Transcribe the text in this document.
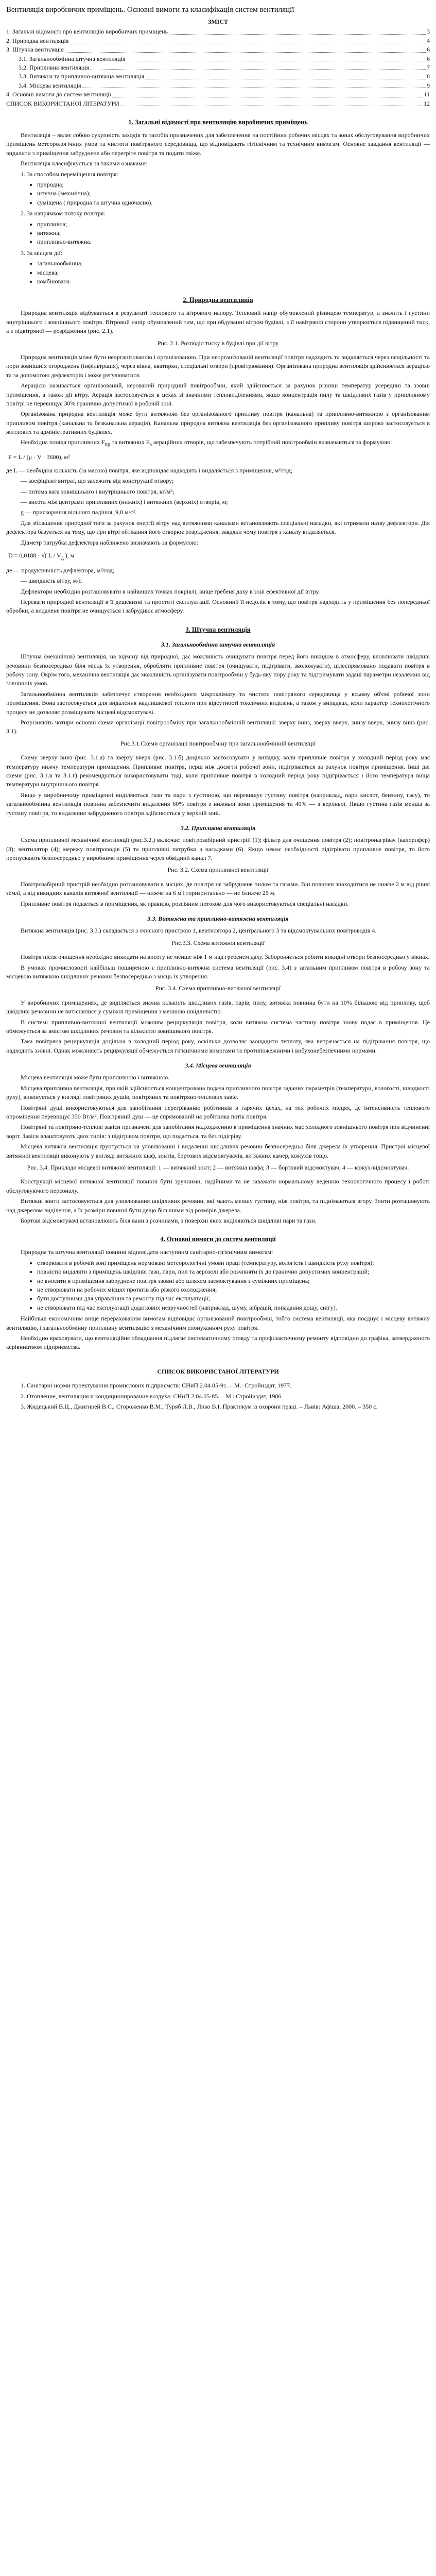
Вентиляція виробничих приміщень. Основні вимоги та класифікація систем вентиляції
ЗМІСТ
1. Загальні відомості про вентиляцію виробничих приміщень	3
2. Природна вентиляція	4
3. Штучна вентиляція	6
3.1. Загальнообмінна штучна вентиляція	6
3.2. Припливна вентиляція	7
3.3. Витяжна та припливно-витяжна вентиляція	8
3.4. Місцева вентиляція	9
4. Основні вимоги до систем вентиляції	11
СПИСОК ВИКОРИСТАНОЇ ЛІТЕРАТУРИ	12
1. Загальні відомості про вентиляцію виробничих приміщень

Вентиляція – являє собою сукупність заходів та засобів призначених для забезпечення на постійних робочих місцях та зонах обслуговування виробничих приміщень метеорологічних умов та чистоти повітряного середовища, що відповідають гігієнічним та технічним вимогам. Основне завдання вентиляції — видалити з приміщення забруднене або перегріте повітря та подати свіже.

Вентиляція класифікується за такими ознаками:

1. За способом переміщення повітря:

• природна;
• штучна (механічна);
• суміщена ( природна та штучна одночасно).

2. За напрямком потоку повітря:

• припливна;
• витяжна;
• припливно-витяжна.

3. За місцем дії:

• загальнообмінна;
• місцева;
• комбінована.
2. Природна вентиляція

Природна вентиляція відбувається в результаті теплового та вітрового напору. Тепловий напір обумовлений різницею температур, а значить і густини внутрішнього і зовнішнього повітря. Вітровий напір обумовлений тим, що при обдуванні вітром будівлі, з її навітряної сторони утворюється підвищений тиск, а з підвітряної — розрідження (рис. 2.1).

Рис. 2.1. Розподіл тиску в будівлі при дії вітру

Природна вентиляція може бути неорганізованою і організованою. При неорганізованій вентиляції повітря надходить та видаляється через нещільності та пори зовнішніх огороджень (інфільтрація), через вікна, кватирки, спеціальні отвори (провітрювання). Організована природна вентиляція здійснюється аерацією та за допомогою дефлекторів і може регулюватися.

Аерацією називається організований, керований природний повітрообмін, який здійснюється за рахунок різниці температур усередині та ззовні приміщення, а також дії вітру. Аерація застосовується в цехах зі значними тепловиділеннями, якщо концентрація пилу та шкідливих газів у припливному повітрі не перевищує 30% гранично допустимої в робочій зоні.

Організована природна вентиляція може бути витяжною без організованого припливу повітря (канальна) та припливно-витяжною з організованим припливом повітря (канальна та безканальна аерація). Канальна природна витяжна вентиляція без організованого припливу повітря широко застосовується в житлових та адміністративних будівлях.

Необхідна площа припливних $F_{пр}$ та витяжних $F_в$ аераційних отворів, що забезпечують потрібний повітрообмін визначаються за формулою:

F = L / (μ · V · 3600), м²

де L — необхідна кількість (за масою) повітря, яке відповідає надходить і видаляється з приміщення, м³/год;

— коефіцієнт витрат, що залежить від конструкції отвору;

— питома вага зовнішнього і внутрішнього повітря, кг/м³;

— висота між центрами припливних (нижніх) і витяжних (верхніх) отворів, м;

g — прискорення вільного падіння, 9,8 м/с².

Для збільшення природної тяги за рахунок енергії вітру над витяжними каналами встановлюють спеціальні насадки, які отримали назву дефлектори. Дія дефлектора базується на тому, що при вітрі обтікання його створює розрідження, завдяки чому повітря з каналу видаляється.

Діаметр патрубка дефлектора наближено визначають за формулою:

D = 0,0188 · √( L / $V_д$ ), м

де — продуктивність дефлектора, м³/год;

— швидкість вітру, м/с.

Дефлектори необхідно розташовувати в найвищих точках покрівлі, вище гребеня даху в зоні ефективної дії вітру.

Переваги природної вентиляції в її дешевизні та простоті експлуатації. Основний її недолік в тому, що повітря надходить у приміщення без попередньої обробки, а видалене повітря не очищується і забруднює атмосферу.

3. Штучна вентиляція
3.1. Загальнообмінна штучна вентиляція

Штучна (механічна) вентиляція, на відміну від природної, дає можливість очищувати повітря перед його викидом в атмосферу, вловлювати шкідливі речовини безпосередньо біля місць їх утворення, обробляти припливне повітря (очищувати, підігрівати, зволожувати), цілеспрямовано подавати повітря в робочу зону. Окрім того, механічна вентиляція дає можливість організувати повітрообмін у будь-яку пору року та підтримувати задані параметри незалежно від зовнішніх умов.

Загальнообмінна вентиляція забезпечує створення необхідного мікроклімату та чистоти повітряного середовища у всьому об'ємі робочої зони приміщення. Вона застосовується для видалення надлишкової теплоти при відсутності токсичних виділень, а також у випадках, коли характер технологічного процесу не дозволяє розміщувати місцеві відсмоктувачі.

Розрізняють чотири основні схеми організації повітрообміну при загальнообмінній вентиляції: зверху вниз, зверху вверх, знизу вверх, знизу вниз (рис. 3.1).

Рис.3.1.Схеми організації повітрообміну при загальнообмінній вентиляції

Схему зверху вниз (рис. 3.1.а) та зверху вверх (рис. 3.1.б) доцільно застосовувати у випадку, коли припливне повітря у холодний період року має температуру нижчу температури приміщення. Припливне повітря, перш ніж досягти робочої зони, підігрівається за рахунок повітря приміщення. Інші дві схеми (рис. 3.1.в та 3.1.г) рекомендується використовувати тоді, коли припливне повітря в холодний період року підігрівається і його температура вища температури внутрішнього повітря.

Якщо у виробничому приміщенні виділяються гази та пари з густиною, що перевищує густину повітря (наприклад, пари кислот, бензину, гасу), то загальнообмінна вентиляція повинна забезпечити видалення 60% повітря з нижньої зони приміщення та 40% — з верхньої. Якщо густина газів менша за густину повітря, то видалення забрудненого повітря здійснюється у верхній зоні.

3.2. Припливна вентиляція

Схема припливної механічної вентиляції (рис.3.2.) включає: повітрозабірний пристрій (1); фільтр для очищення повітря (2); повітронагрівач (калорифер) (3); вентилятор (4); мережу повітроводів (5) та припливні патрубки з насадками (6). Якщо немає необхідності підігрівати припливне повітря, то його пропускають безпосередньо у виробниче приміщення через обвідний канал 7.

Рис. 3.2. Схема припливної вентиляції

Повітрозабірний пристрій необхідно розташовувати в місцях, де повітря не забруднене пилом та газами. Він повинен знаходитися не нижче 2 м від рівня землі, а від викидних каналів витяжної вентиляції — нижче на 6 м і горизонтально — не ближче 25 м.

Припливне повітря подається в приміщення, як правило, розсіяним потоком для чого використовуються спеціальні насадки.

3.3. Витяжна та припливно-витяжна вентиляція

Витяжна вентиляція (рис. 3.3.) складається з очисного пристрою 1, вентилятора 2, центрального 3 та відсмоктувальних повітроводів 4.

Рис.3.3. Схема витяжної вентиляції

Повітря після очищення необхідно викидати на висоту не менше ніж 1 м над гребенем даху. Забороняється робити викидні отвори безпосередньо у вікнах.

В умовах промисловості найбільш поширеною є припливно-витяжна система вентиляції (рис. 3.4) з загальним припливом повітря в робочу зону та місцевою витяжкою шкідливих речовин безпосередньо з місць їх утворення.

Рис. 3.4. Схема припливно-витяжної вентиляції

У виробничих приміщеннях, де виділяється значна кількість шкідливих газів, парів, пилу, витяжка повинна бути на 10% більшою від припливу, щоб шкідливі речовини не витіснялися у суміжні приміщення з меншою шкідливістю.

В системі припливно-витяжної вентиляції можлива рециркуляція повітря, коли витяжна система частину повітря знову подає в приміщення. Це обмежується за вмістом шкідливих речовин та кількістю зовнішнього повітря.

Така повітряна рециркуляція доцільна в холодний період року, оскільки дозволяє заощадити теплоту, яка витрачається на підігрівання повітря, що надходить ззовні. Однак можливість рециркуляції обмежується гігієнічними вимогами та протипожежними і вибухонебезпечними нормами.

3.4. Місцева вентиляція

Місцева вентиляція може бути припливною і витяжною.

Місцева припливна вентиляція, при якій здійснюється концентрована подача припливного повітря заданих параметрів (температури, вологості, швидкості руху), виконується у вигляді повітряних душів, повітряних та повітряно-теплових завіс.

Повітряні душі використовуються для запобігання перегріванню робітників в гарячих цехах, на тих робочих місцях, де інтенсивність теплового опромінення перевищує 350 Вт/м². Повітряний душ — це спрямований на робітника потік повітря.

Повітряні та повітряно-теплові завіси призначені для запобігання надходженню в приміщення значних мас холодного зовнішнього повітря при відчиненні воріт. Завіси влаштовують двох типів: з підігрівом повітря, що подається, та без підігріву.

Місцева витяжна вентиляція ґрунтується на уловлюванні і видаленні шкідливих речовин безпосередньо біля джерела їх утворення. Пристрої місцевої витяжної вентиляції виконують у вигляді витяжних шаф, зонтів, бортових відсмоктувачів, витяжних камер, кожухів тощо.

Рис. 3.4. Приклади місцевої витяжної вентиляції: 1 — витяжний зонт; 2 — витяжна шафа; 3 — бортовий відсмоктувач; 4 — кожух-відсмоктувач.

Конструкції місцевої витяжної вентиляції повинні бути зручними, надійними та не заважати нормальному веденню технологічного процесу і роботі обслуговуючого персоналу.

Витяжні зонти застосовуються для уловлювання шкідливих речовин, які мають меншу густину, ніж повітря, та піднімаються вгору. Зонти розташовують над джерелом виділення, а їх розміри повинні бути дещо більшими від розмірів джерела.

Бортові відсмоктувачі встановлюють біля ванн з розчинами, з поверхні яких виділяються шкідливі пари та гази.

4. Основні вимоги до систем вентиляції

Природна та штучна вентиляції повинні відповідати наступним санітарно-гігієнічним вимогам:

• створювати в робочій зоні приміщень нормовані метеорологічні умови праці (температуру, вологість і швидкість руху повітря);
• повністю видаляти з приміщень шкідливі гази, пари, пил та аерозолі або розчиняти їх до гранично допустимих концентрацій;
• не вносити в приміщення забруднене повітря ззовні або шляхом засмоктування з суміжних приміщень;
• не створювати на робочих місцях протягів або різкого охолодження;
• бути доступними для управління та ремонту під час експлуатації;
• не створювати під час експлуатації додаткових незручностей (наприклад, шуму, вібрацій, попадання дощу, снігу).

Найбільш економічним вище перерахованим вимогам відповідає організований повітрообмін, тобто система вентиляції, яка поєднує і місцеву витяжну вентиляцію, і загальнообмінну припливну вентиляцію з механічним спонуканням руху повітря.

Необхідно враховувати, що вентиляційне обладнання підлягає систематичному огляду та профілактичному ремонту відповідно до графіка, затвердженого керівництвом підприємства.

СПИСОК ВИКОРИСТАНОЇ ЛІТЕРАТУРИ

1. Санітарні норми проектування промислових підприємств: СНиП 2.04.05-91. – М.: Стройиздат, 1977.

2. Отопление, вентиляция и кондиционирование воздуха: СНиП 2.04.05-85. – М.: Стройиздат, 1986.

3. Жидецький В.Ц., Джигирей В.С., Стороженко В.М., Туряб Л.В., Лико В.І. Практикум із охорони праці. – Львів: Афіша, 2000. – 350 с.
